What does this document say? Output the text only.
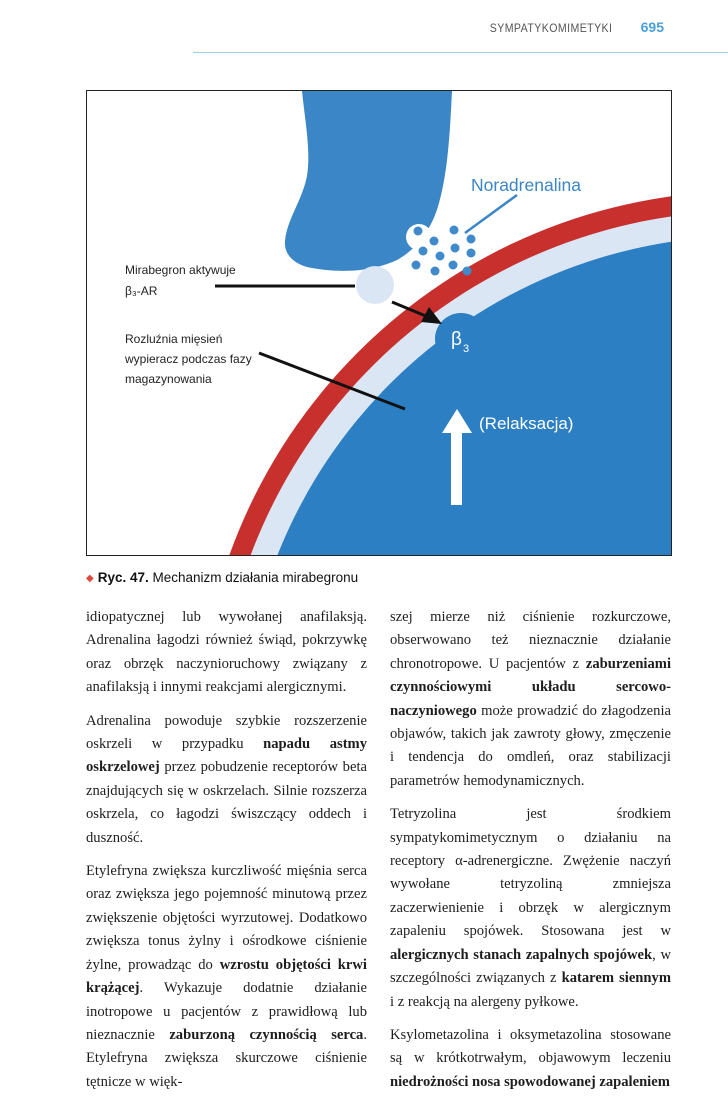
SYMPATYKOMIMETYKI 695
Noradrenalina
Mirabegron aktywuje
β₃-AR
Rozluźnia mięsień
wypieracz podczas fazy
magazynowania
β 3
(Relaksacja)
◆ Ryc. 47. Mechanizm działania mirabegronu

idiopatycznej lub wywołanej anafilaksją. Adrenalina łagodzi również świąd, pokrzywkę oraz obrzęk naczynioruchowy związany z anafilaksją i innymi reakcjami alergicznymi.

Adrenalina powoduje szybkie rozszerzenie oskrzeli w przypadku napadu astmy oskrzelowej przez pobudzenie receptorów beta znajdujących się w oskrzelach. Silnie rozszerza oskrzela, co łagodzi świszczący oddech i duszność.

Etylefryna zwiększa kurczliwość mięśnia serca oraz zwiększa jego pojemność minutową przez zwiększenie objętości wyrzutowej. Dodatkowo zwiększa tonus żylny i ośrodkowe ciśnienie żylne, prowadząc do wzrostu objętości krwi krążącej. Wykazuje dodatnie działanie inotropowe u pacjentów z prawidłową lub nieznacznie zaburzoną czynnością serca. Etylefryna zwiększa skurczowe ciśnienie tętnicze w więk-

szej mierze niż ciśnienie rozkurczowe, obserwowano też nieznacznie działanie chronotropowe. U pacjentów z zaburzeniami czynnościowymi układu sercowo-naczyniowego może prowadzić do złagodzenia objawów, takich jak zawroty głowy, zmęczenie i tendencja do omdleń, oraz stabilizacji parametrów hemodynamicznych.

Tetryzolina jest środkiem sympatykomimetycznym o działaniu na receptory α-adrenergiczne. Zwężenie naczyń wywołane tetryzoliną zmniejsza zaczerwienienie i obrzęk w alergicznym zapaleniu spojówek. Stosowana jest w alergicznych stanach zapalnych spojówek, w szczególności związanych z katarem siennym i z reakcją na alergeny pyłkowe.

Ksylometazolina i oksymetazolina stosowane są w krótkotrwałym, objawowym leczeniu niedrożności nosa spowodowanej zapaleniem
